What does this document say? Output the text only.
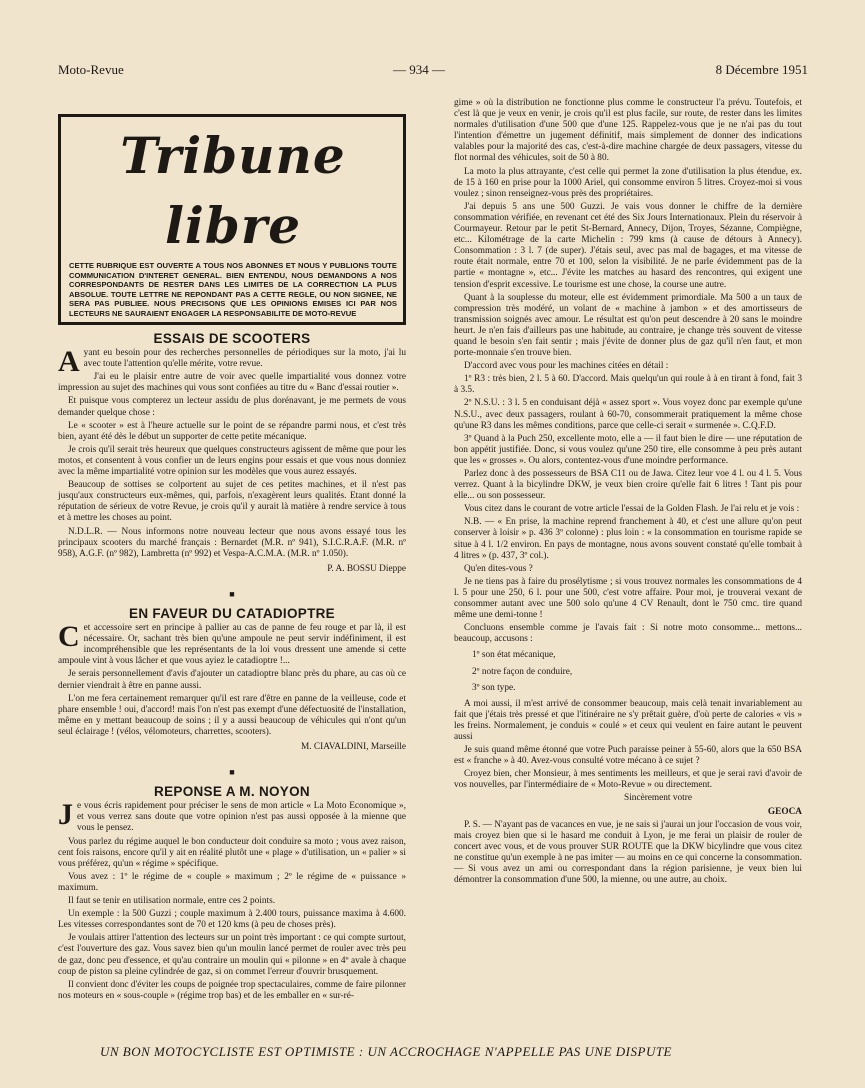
Moto-Revue	— 934 —	8 Décembre 1951
Tribune libre
CETTE RUBRIQUE EST OUVERTE A TOUS NOS ABONNES ET NOUS Y PUBLIONS TOUTE COMMUNICATION D'INTERET GENERAL. BIEN ENTENDU, NOUS DEMANDONS A NOS CORRESPONDANTS DE RESTER DANS LES LIMITES DE LA CORRECTION LA PLUS ABSOLUE. TOUTE LETTRE NE REPONDANT PAS A CETTE REGLE, OU NON SIGNEE, NE SERA PAS PUBLIEE. NOUS PRECISONS QUE LES OPINIONS EMISES ICI PAR NOS LECTEURS NE SAURAIENT ENGAGER LA RESPONSABILITE DE MOTO-REVUE
ESSAIS DE SCOOTERS

Ayant eu besoin pour des recherches personnelles de périodiques sur la moto, j'ai lu avec toute l'attention qu'elle mérite, votre revue.

J'ai eu le plaisir entre autre de voir avec quelle impartialité vous donnez votre impression au sujet des machines qui vous sont confiées au titre du « Banc d'essai routier ».

Et puisque vous compterez un lecteur assidu de plus dorénavant, je me permets de vous demander quelque chose :

Le « scooter » est à l'heure actuelle sur le point de se répandre parmi nous, et c'est très bien, ayant été dès le début un supporter de cette petite mécanique.

Je crois qu'il serait très heureux que quelques constructeurs agissent de même que pour les motos, et consentent à vous confier un de leurs engins pour essais et que vous nous donniez avec la même impartialité votre opinion sur les modèles que vous aurez essayés.

Beaucoup de sottises se colportent au sujet de ces petites machines, et il n'est pas jusqu'aux constructeurs eux-mêmes, qui, parfois, n'exagèrent leurs qualités. Etant donné la réputation de sérieux de votre Revue, je crois qu'il y aurait là matière à rendre service à tous et à mettre les choses au point.

N.D.L.R. — Nous informons notre nouveau lecteur que nous avons essayé tous les principaux scooters du marché français : Bernardet (M.R. nº 941), S.I.C.R.A.F. (M.R. nº 958), A.G.F. (nº 982), Lambretta (nº 992) et Vespa-A.C.M.A. (M.R. nº 1.050).

P. A. BOSSU Dieppe
■
EN FAVEUR DU CATADIOPTRE

Cet accessoire sert en principe à pallier au cas de panne de feu rouge et par là, il est nécessaire. Or, sachant très bien qu'une ampoule ne peut servir indéfiniment, il est incompréhensible que les représentants de la loi vous dressent une amende si cette ampoule vint à vous lâcher et que vous ayiez le catadioptre !...

Je serais personnellement d'avis d'ajouter un catadioptre blanc près du phare, au cas où ce dernier viendrait à être en panne aussi.

L'on me fera certainement remarquer qu'il est rare d'être en panne de la veilleuse, code et phare ensemble ! oui, d'accord! mais l'on n'est pas exempt d'une défectuosité de l'installation, même en y mettant beaucoup de soins ; il y a aussi beaucoup de véhicules qui n'ont qu'un seul éclairage ! (vélos, vélomoteurs, charrettes, scooters).

M. CIAVALDINI, Marseille
■
REPONSE A M. NOYON

Je vous écris rapidement pour préciser le sens de mon article « La Moto Economique », et vous verrez sans doute que votre opinion n'est pas aussi opposée à la mienne que vous le pensez.

Vous parlez du régime auquel le bon conducteur doit conduire sa moto ; vous avez raison, cent fois raisons, encore qu'il y ait en réalité plutôt une « plage » d'utilisation, un « palier » si vous préférez, qu'un « régime » spécifique.

Vous avez : 1º le régime de « couple » maximum ; 2º le régime de « puissance » maximum.

Il faut se tenir en utilisation normale, entre ces 2 points.

Un exemple : la 500 Guzzi ; couple maximum à 2.400 tours, puissance maxima à 4.600. Les vitesses correspondantes sont de 70 et 120 kms (à peu de choses près).

Je voulais attirer l'attention des lecteurs sur un point très important : ce qui compte surtout, c'est l'ouverture des gaz. Vous savez bien qu'un moulin lancé permet de rouler avec très peu de gaz, donc peu d'essence, et qu'au contraire un moulin qui « pilonne » en 4º avale à chaque coup de piston sa pleine cylindrée de gaz, si on commet l'erreur d'ouvrir brusquement.

Il convient donc d'éviter les coups de poignée trop spectaculaires, comme de faire pilonner nos moteurs en « sous-couple » (régime trop bas) et de les emballer en « sur-ré-

gime » où la distribution ne fonctionne plus comme le constructeur l'a prévu. Toutefois, et c'est là que je veux en venir, je crois qu'il est plus facile, sur route, de rester dans les limites normales d'utilisation d'une 500 que d'une 125. Rappelez-vous que je ne n'ai pas du tout l'intention d'émettre un jugement définitif, mais simplement de donner des indications valables pour la majorité des cas, c'est-à-dire machine chargée de deux passagers, vitesse du flot normal des véhicules, soit de 50 à 80.

La moto la plus attrayante, c'est celle qui permet la zone d'utilisation la plus étendue, ex. de 15 à 160 en prise pour la 1000 Ariel, qui consomme environ 5 litres. Croyez-moi si vous voulez ; sinon renseignez-vous près des propriétaires.

J'ai depuis 5 ans une 500 Guzzi. Je vais vous donner le chiffre de la dernière consommation vérifiée, en revenant cet été des Six Jours Internationaux. Plein du réservoir à Courmayeur. Retour par le petit St-Bernard, Annecy, Dijon, Troyes, Sézanne, Compiègne, etc... Kilométrage de la carte Michelin : 799 kms (à cause de détours à Annecy). Consommation : 3 l. 7 (de super). J'étais seul, avec pas mal de bagages, et ma vitesse de route était normale, entre 70 et 100, selon la visibilité. Je ne parle évidemment pas de la partie « montagne », etc... J'évite les matches au hasard des rencontres, qui exigent une tension d'esprit excessive. Le tourisme est une chose, la course une autre.

Quant à la souplesse du moteur, elle est évidemment primordiale. Ma 500 a un taux de compression très modéré, un volant de « machine à jambon » et des amortisseurs de transmission soignés avec amour. Le résultat est qu'on peut descendre à 20 sans le moindre heurt. Je n'en fais d'ailleurs pas une habitude, au contraire, je change très souvent de vitesse quand le besoin s'en fait sentir ; mais j'évite de donner plus de gaz qu'il n'en faut, et mon porte-monnaie s'en trouve bien.

D'accord avec vous pour les machines citées en détail :

1º R3 : très bien, 2 l. 5 à 60. D'accord. Mais quelqu'un qui roule à à en tirant à fond, fait 3 à 3.5.

2º N.S.U. : 3 l. 5 en conduisant déjà « assez sport ». Vous voyez donc par exemple qu'une N.S.U., avec deux passagers, roulant à 60-70, consommerait pratiquement la même chose qu'une R3 dans les mêmes conditions, parce que celle-ci serait « surmenée ». C.Q.F.D.

3º Quand à la Puch 250, excellente moto, elle a — il faut bien le dire — une réputation de bon appétit justifiée. Donc, si vous voulez qu'une 250 tire, elle consomme à peu près autant que les « grosses ». Ou alors, contentez-vous d'une moindre performance.

Parlez donc à des possesseurs de BSA C11 ou de Jawa. Citez leur voe 4 l. ou 4 l. 5. Vous verrez. Quant à la bicylindre DKW, je veux bien croire qu'elle fait 6 litres ! Tant pis pour elle... ou son possesseur.

Vous citez dans le courant de votre article l'essai de la Golden Flash. Je l'ai relu et je vois :

N.B. — « En prise, la machine reprend franchement à 40, et c'est une allure qu'on peut conserver à loisir » p. 436 3º colonne) : plus loin : « la consommation en tourisme rapide se situe à 4 l. 1/2 environ. En pays de montagne, nous avons souvent constaté qu'elle tombait à 4 litres » (p. 437, 3º col.).

Qu'en dites-vous ?

Je ne tiens pas à faire du prosélytisme ; si vous trouvez normales les consommations de 4 l. 5 pour une 250, 6 l. pour une 500, c'est votre affaire. Pour moi, je trouverai vexant de consommer autant avec une 500 solo qu'une 4 CV Renault, dont le 750 cmc. tire quand même une demi-tonne !

Concluons ensemble comme je l'avais fait : Si notre moto consomme... mettons... beaucoup, accusons :

1º son état mécanique,
2º notre façon de conduire,
3º son type.

A moi aussi, il m'est arrivé de consommer beaucoup, mais celà tenait invariablement au fait que j'étais très pressé et que l'itinéraire ne s'y prêtait guère, d'où perte de calories « vis » les freins. Normalement, je conduis « coulé » et ceux qui veulent en faire autant le peuvent aussi

Je suis quand même étonné que votre Puch paraisse peiner à 55-60, alors que la 650 BSA est « franche » à 40. Avez-vous consulté votre mécano à ce sujet ?

Croyez bien, cher Monsieur, à mes sentiments les meilleurs, et que je serai ravi d'avoir de vos nouvelles, par l'intermédiaire de « Moto-Revue » ou directement.

Sincèrement votre
GEOCA

P. S. — N'ayant pas de vacances en vue, je ne sais si j'aurai un jour l'occasion de vous voir, mais croyez bien que si le hasard me conduit à Lyon, je me ferai un plaisir de rouler de concert avec vous, et de vous prouver SUR ROUTE que la DKW bicylindre que vous citez ne constitue qu'un exemple à ne pas imiter — au moins en ce qui concerne la consommation. — Si vous avez un ami ou correspondant dans la région parisienne, je veux bien lui démontrer la consommation d'une 500, la mienne, ou une autre, au choix.

UN BON MOTOCYCLISTE EST OPTIMISTE : UN ACCROCHAGE N'APPELLE PAS UNE DISPUTE
